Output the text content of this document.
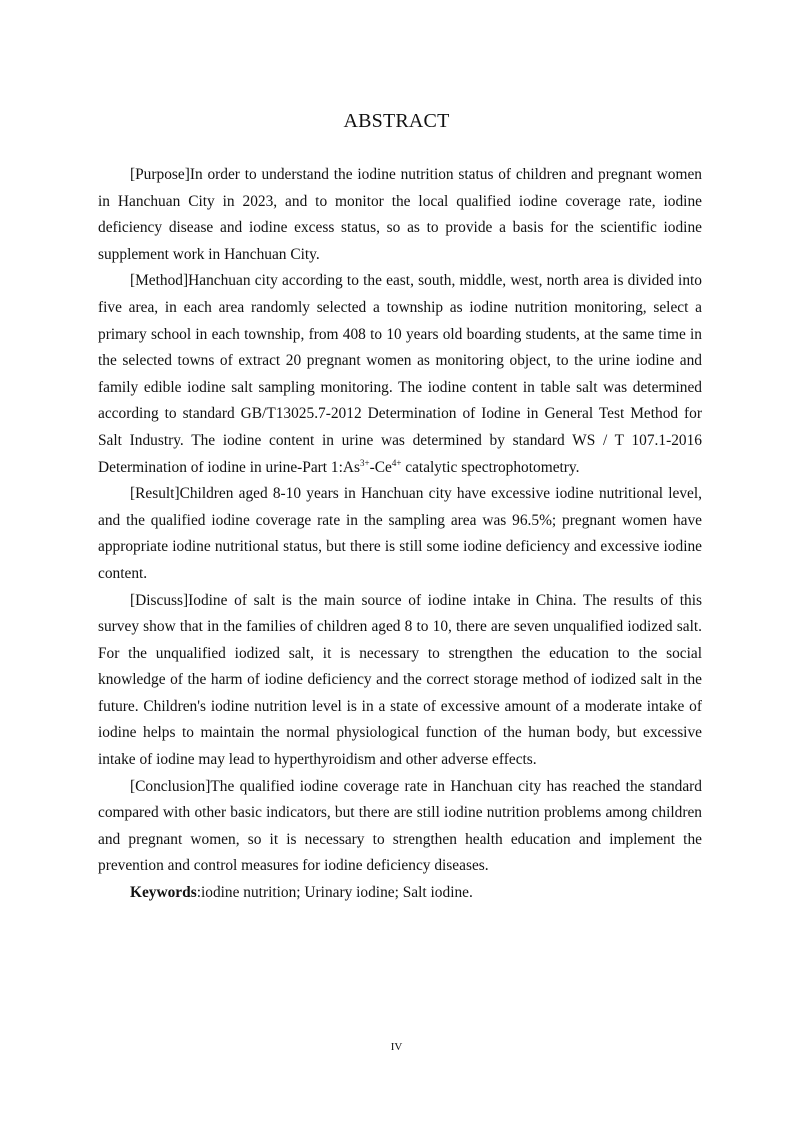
ABSTRACT

[Purpose]In order to understand the iodine nutrition status of children and pregnant women in Hanchuan City in 2023, and to monitor the local qualified iodine coverage rate, iodine deficiency disease and iodine excess status, so as to provide a basis for the scientific iodine supplement work in Hanchuan City.

[Method]Hanchuan city according to the east, south, middle, west, north area is divided into five area, in each area randomly selected a township as iodine nutrition monitoring, select a primary school in each township, from 408 to 10 years old boarding students, at the same time in the selected towns of extract 20 pregnant women as monitoring object, to the urine iodine and family edible iodine salt sampling monitoring. The iodine content in table salt was determined according to standard GB/T13025.7-2012 Determination of Iodine in General Test Method for Salt Industry. The iodine content in urine was determined by standard WS / T 107.1-2016 Determination of iodine in urine-Part $1:As^{3+}-Ce^{4+}$ catalytic spectrophotometry.

[Result]Children aged 8-10 years in Hanchuan city have excessive iodine nutritional level, and the qualified iodine coverage rate in the sampling area was 96.5%; pregnant women have appropriate iodine nutritional status, but there is still some iodine deficiency and excessive iodine content.

[Discuss]Iodine of salt is the main source of iodine intake in China. The results of this survey show that in the families of children aged 8 to 10, there are seven unqualified iodized salt. For the unqualified iodized salt, it is necessary to strengthen the education to the social knowledge of the harm of iodine deficiency and the correct storage method of iodized salt in the future. Children's iodine nutrition level is in a state of excessive amount of a moderate intake of iodine helps to maintain the normal physiological function of the human body, but excessive intake of iodine may lead to hyperthyroidism and other adverse effects.

[Conclusion]The qualified iodine coverage rate in Hanchuan city has reached the standard compared with other basic indicators, but there are still iodine nutrition problems among children and pregnant women, so it is necessary to strengthen health education and implement the prevention and control measures for iodine deficiency diseases.

Keywords:iodine nutrition; Urinary iodine; Salt iodine.

IV
